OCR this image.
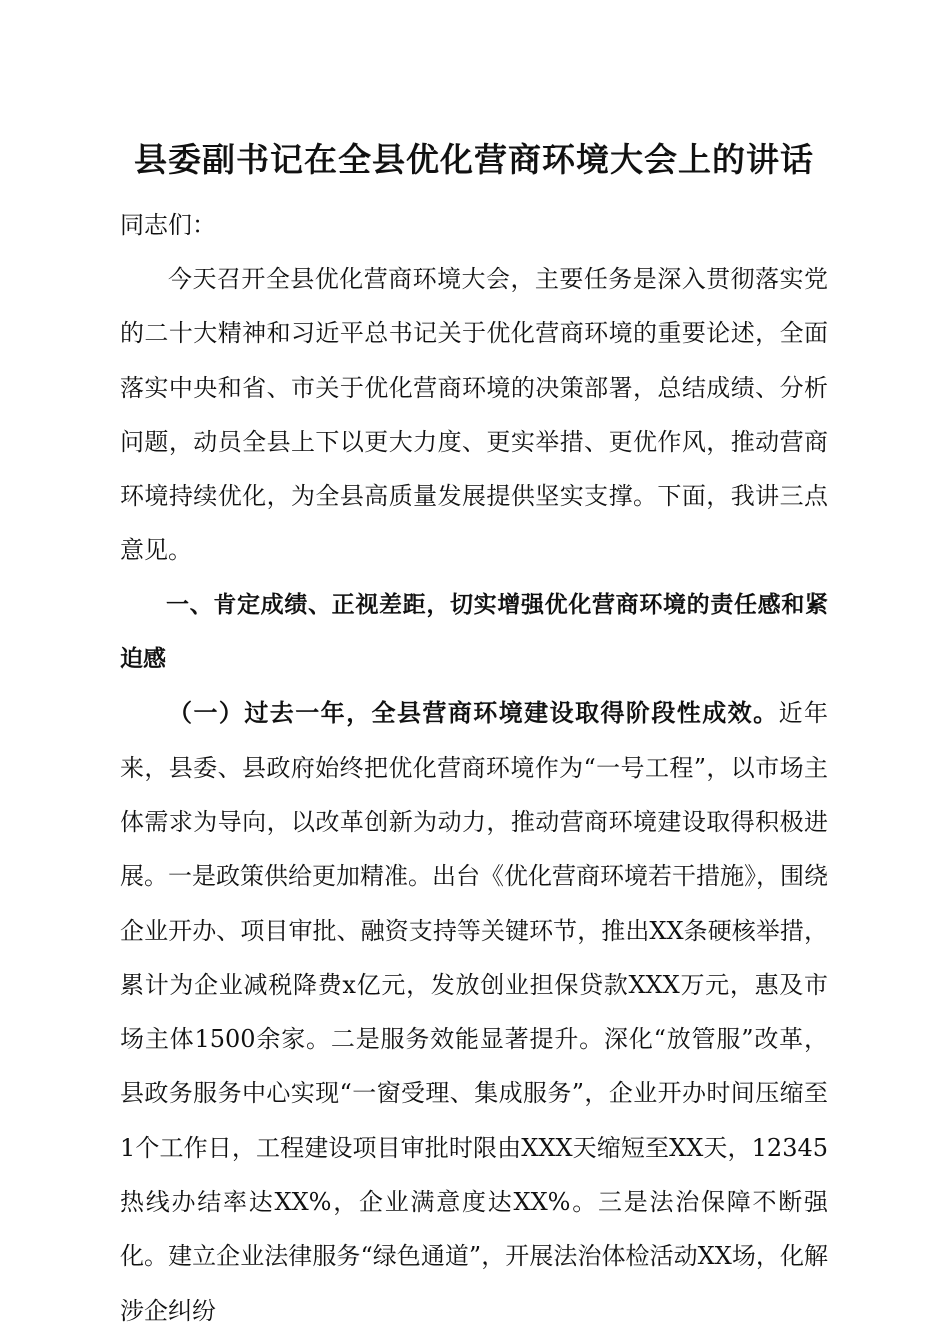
县委副书记在全县优化营商环境大会上的讲话
同志们：

今天召开全县优化营商环境大会，主要任务是深入贯彻落实党的二十大精神和习近平总书记关于优化营商环境的重要论述，全面落实中央和省、市关于优化营商环境的决策部署，总结成绩、分析问题，动员全县上下以更大力度、更实举措、更优作风，推动营商环境持续优化，为全县高质量发展提供坚实支撑。下面，我讲三点意见。

一、肯定成绩、正视差距，切实增强优化营商环境的责任感和紧迫感

（一）过去一年，全县营商环境建设取得阶段性成效。近年来，县委、县政府始终把优化营商环境作为“一号工程”，以市场主体需求为导向，以改革创新为动力，推动营商环境建设取得积极进展。一是政策供给更加精准。出台《优化营商环境若干措施》，围绕企业开办、项目审批、融资支持等关键环节，推出XX条硬核举措，累计为企业减税降费x亿元，发放创业担保贷款XXX万元，惠及市场主体1500余家。二是服务效能显著提升。深化“放管服”改革，县政务服务中心实现“一窗受理、集成服务”，企业开办时间压缩至1个工作日，工程建设项目审批时限由XXX天缩短至XX天，12345热线办结率达XX%，企业满意度达XX%。三是法治保障不断强化。建立企业法律服务“绿色通道”，开展法治体检活动XX场，化解涉企纠纷
